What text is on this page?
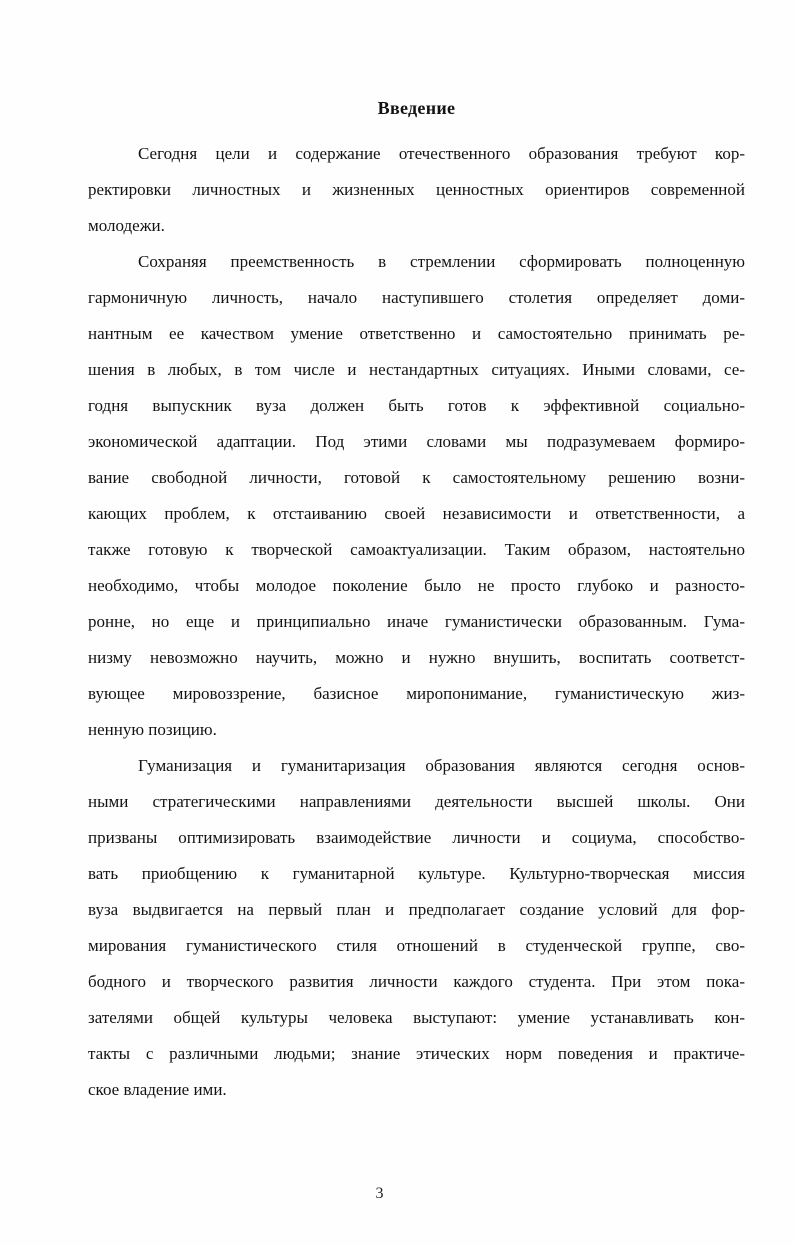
Введение
Сегодня цели и содержание отечественного образования требуют кор-
ректировки личностных и жизненных ценностных ориентиров современной
молодежи.
Сохраняя преемственность в стремлении сформировать полноценную
гармоничную личность, начало наступившего столетия определяет доми-
нантным ее качеством умение ответственно и самостоятельно принимать ре-
шения в любых, в том числе и нестандартных ситуациях. Иными словами, се-
годня выпускник вуза должен быть готов к эффективной социально-
экономической адаптации. Под этими словами мы подразумеваем формиро-
вание свободной личности, готовой к самостоятельному решению возни-
кающих проблем, к отстаиванию своей независимости и ответственности, а
также готовую к творческой самоактуализации. Таким образом, настоятельно
необходимо, чтобы молодое поколение было не просто глубоко и разносто-
ронне, но еще и принципиально иначе гуманистически образованным. Гума-
низму невозможно научить, можно и нужно внушить, воспитать соответст-
вующее мировоззрение, базисное миропонимание, гуманистическую жиз-
ненную позицию.
Гуманизация и гуманитаризация образования являются сегодня основ-
ными стратегическими направлениями деятельности высшей школы. Они
призваны оптимизировать взаимодействие личности и социума, способство-
вать приобщению к гуманитарной культуре. Культурно-творческая миссия
вуза выдвигается на первый план и предполагает создание условий для фор-
мирования гуманистического стиля отношений в студенческой группе, сво-
бодного и творческого развития личности каждого студента. При этом пока-
зателями общей культуры человека выступают: умение устанавливать кон-
такты с различными людьми; знание этических норм поведения и практиче-
ское владение ими.
3
